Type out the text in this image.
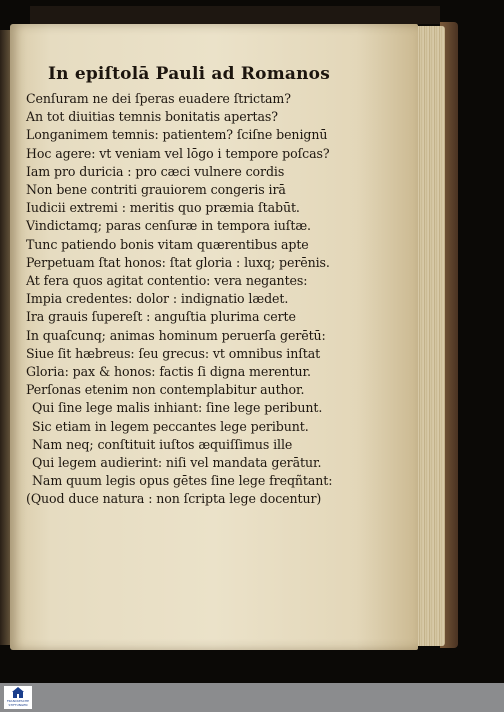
In epiſtolā Pauli ad Romanos
Cenſuram ne dei ſperas euadere ſtrictam?
An tot diuitias temnis bonitatis apertas?
Longanimem temnis: patientem? ſciſne benignū
Hoc agere: vt veniam vel lōgo i tempore poſcas?
Iam pro duricia : pro cæci vulnere cordis
Non bene contriti grauiorem congeris irā
Iudicii extremi : meritis quo præmia ſtabūt.
Vindictamq; paras cenſuræ in tempora iuſtæ.
Tunc patiendo bonis vitam quærentibus apte
Perpetuam ſtat honos: ſtat gloria : luxq; perēnis.
At fera quos agitat contentio: vera negantes:
Impia credentes: dolor : indignatio lædet.
Ira grauis ſupereſt : anguſtia plurima certe
In quaſcunq; animas hominum peruerſa gerētū:
Siue ſit hæbreus: ſeu grecus: vt omnibus inſtat
Gloria: pax & honos: factis ſi digna merentur.
Perſonas etenim non contemplabitur author.
Qui ſine lege malis inhiant: ſine lege peribunt.
Sic etiam in legem peccantes lege peribunt.
Nam neq; conſtituit iuſtos æquiſſimus ille
Qui legem audierint: niſi vel mandata gerātur.
Nam quum legis opus gētes ſine lege freqñtant:
(Quod duce natura : non ſcripta lege docentur)
FRANCKESCHE STIFTUNGEN
